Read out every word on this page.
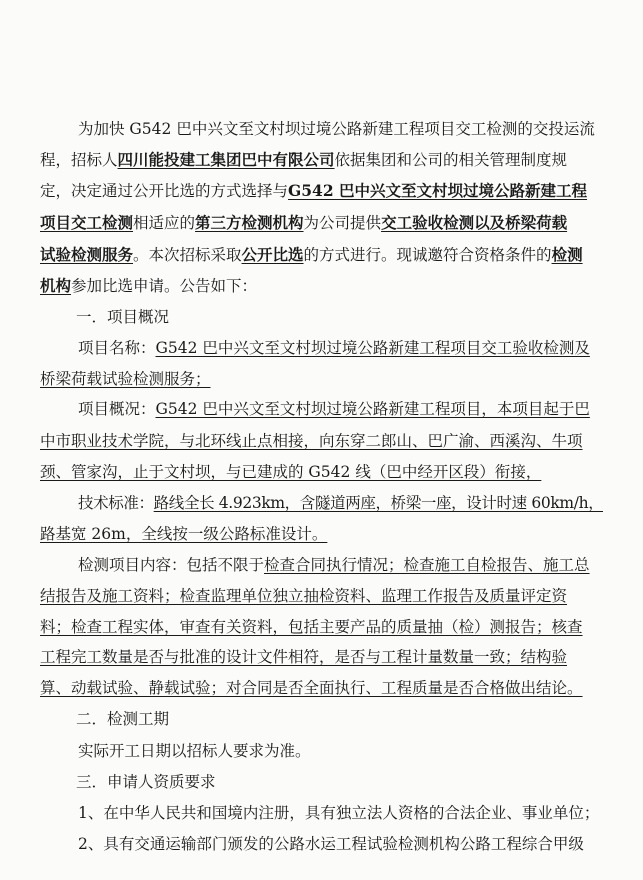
为加快 G542 巴中兴文至文村坝过境公路新建工程项目交工检测的交投运流
程，招标人四川能投建工集团巴中有限公司依据集团和公司的相关管理制度规
定，决定通过公开比选的方式选择与G542 巴中兴文至文村坝过境公路新建工程
项目交工检测相适应的第三方检测机构为公司提供交工验收检测以及桥梁荷载
试验检测服务。本次招标采取公开比选的方式进行。现诚邀符合资格条件的检测
机构参加比选申请。公告如下：
一．项目概况
项目名称：G542 巴中兴文至文村坝过境公路新建工程项目交工验收检测及
桥梁荷载试验检测服务；
项目概况：G542 巴中兴文至文村坝过境公路新建工程项目，本项目起于巴
中市职业技术学院，与北环线止点相接，向东穿二郎山、巴广渝、西溪沟、牛项
颈、管家沟，止于文村坝，与已建成的 G542 线（巴中经开区段）衔接，
技术标准：路线全长 4.923km，含隧道两座，桥梁一座，设计时速 60km/h，
路基宽 26m，全线按一级公路标准设计。
检测项目内容：包括不限于检查合同执行情况；检查施工自检报告、施工总
结报告及施工资料；检查监理单位独立抽检资料、监理工作报告及质量评定资
料；检查工程实体，审查有关资料，包括主要产品的质量抽（检）测报告；核查
工程完工数量是否与批准的设计文件相符，是否与工程计量数量一致；结构验
算、动载试验、静载试验；对合同是否全面执行、工程质量是否合格做出结论。
二．检测工期
实际开工日期以招标人要求为准。
三．申请人资质要求
1、在中华人民共和国境内注册，具有独立法人资格的合法企业、事业单位；
2、具有交通运输部门颁发的公路水运工程试验检测机构公路工程综合甲级
